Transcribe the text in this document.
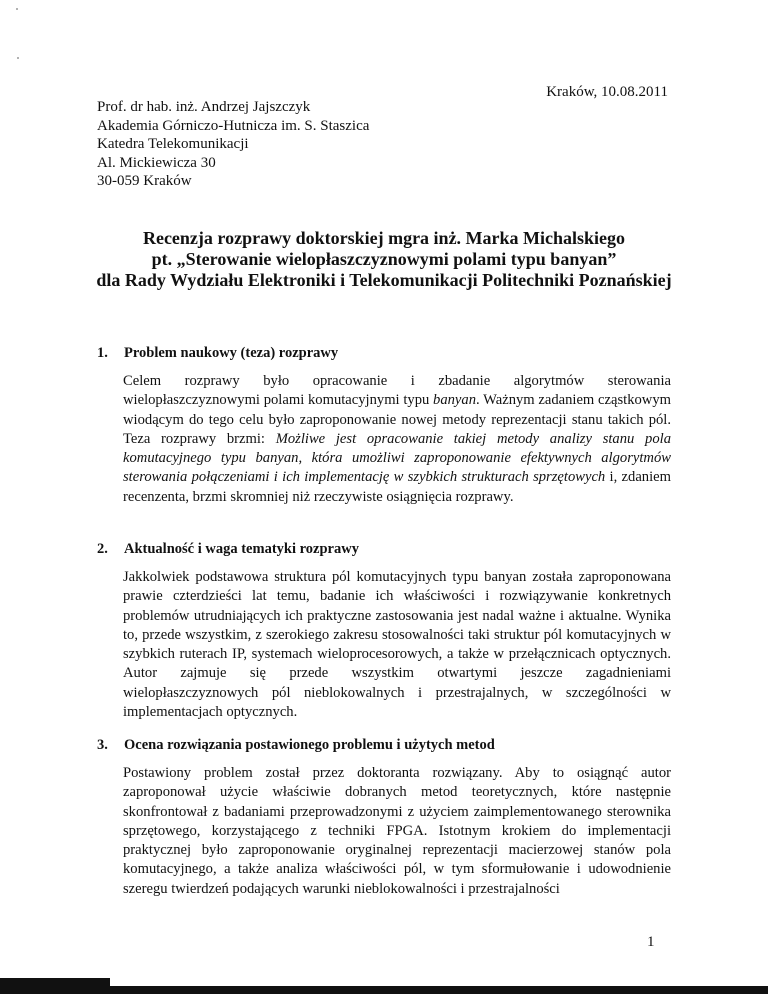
Kraków, 10.08.2011
Prof. dr hab. inż. Andrzej Jajszczyk
Akademia Górniczo-Hutnicza im. S. Staszica
Katedra Telekomunikacji
Al. Mickiewicza 30
30-059 Kraków
Recenzja rozprawy doktorskiej mgra inż. Marka Michalskiego
pt. „Sterowanie wielopłaszczyznowymi polami typu banyan”
dla Rady Wydziału Elektroniki i Telekomunikacji Politechniki Poznańskiej
1. Problem naukowy (teza) rozprawy

Celem rozprawy było opracowanie i zbadanie algorytmów sterowania wielopłaszczyznowymi polami komutacyjnymi typu banyan. Ważnym zadaniem cząstkowym wiodącym do tego celu było zaproponowanie nowej metody reprezentacji stanu takich pól. Teza rozprawy brzmi: Możliwe jest opracowanie takiej metody analizy stanu pola komutacyjnego typu banyan, która umożliwi zaproponowanie efektywnych algorytmów sterowania połączeniami i ich implementację w szybkich strukturach sprzętowych i, zdaniem recenzenta, brzmi skromniej niż rzeczywiste osiągnięcia rozprawy.

2. Aktualność i waga tematyki rozprawy

Jakkolwiek podstawowa struktura pól komutacyjnych typu banyan została zaproponowana prawie czterdzieści lat temu, badanie ich właściwości i rozwiązywanie konkretnych problemów utrudniających ich praktyczne zastosowania jest nadal ważne i aktualne. Wynika to, przede wszystkim, z szerokiego zakresu stosowalności taki struktur pól komutacyjnych w szybkich ruterach IP, systemach wieloprocesorowych, a także w przełącznicach optycznych. Autor zajmuje się przede wszystkim otwartymi jeszcze zagadnieniami wielopłaszczyznowych pól nieblokowalnych i przestrajalnych, w szczególności w implementacjach optycznych.

3. Ocena rozwiązania postawionego problemu i użytych metod

Postawiony problem został przez doktoranta rozwiązany. Aby to osiągnąć autor zaproponował użycie właściwie dobranych metod teoretycznych, które następnie skonfrontował z badaniami przeprowadzonymi z użyciem zaimplementowanego sterownika sprzętowego, korzystającego z techniki FPGA. Istotnym krokiem do implementacji praktycznej było zaproponowanie oryginalnej reprezentacji macierzowej stanów pola komutacyjnego, a także analiza właściwości pól, w tym sformułowanie i udowodnienie szeregu twierdzeń podających warunki nieblokowalności i przestrajalności

1
